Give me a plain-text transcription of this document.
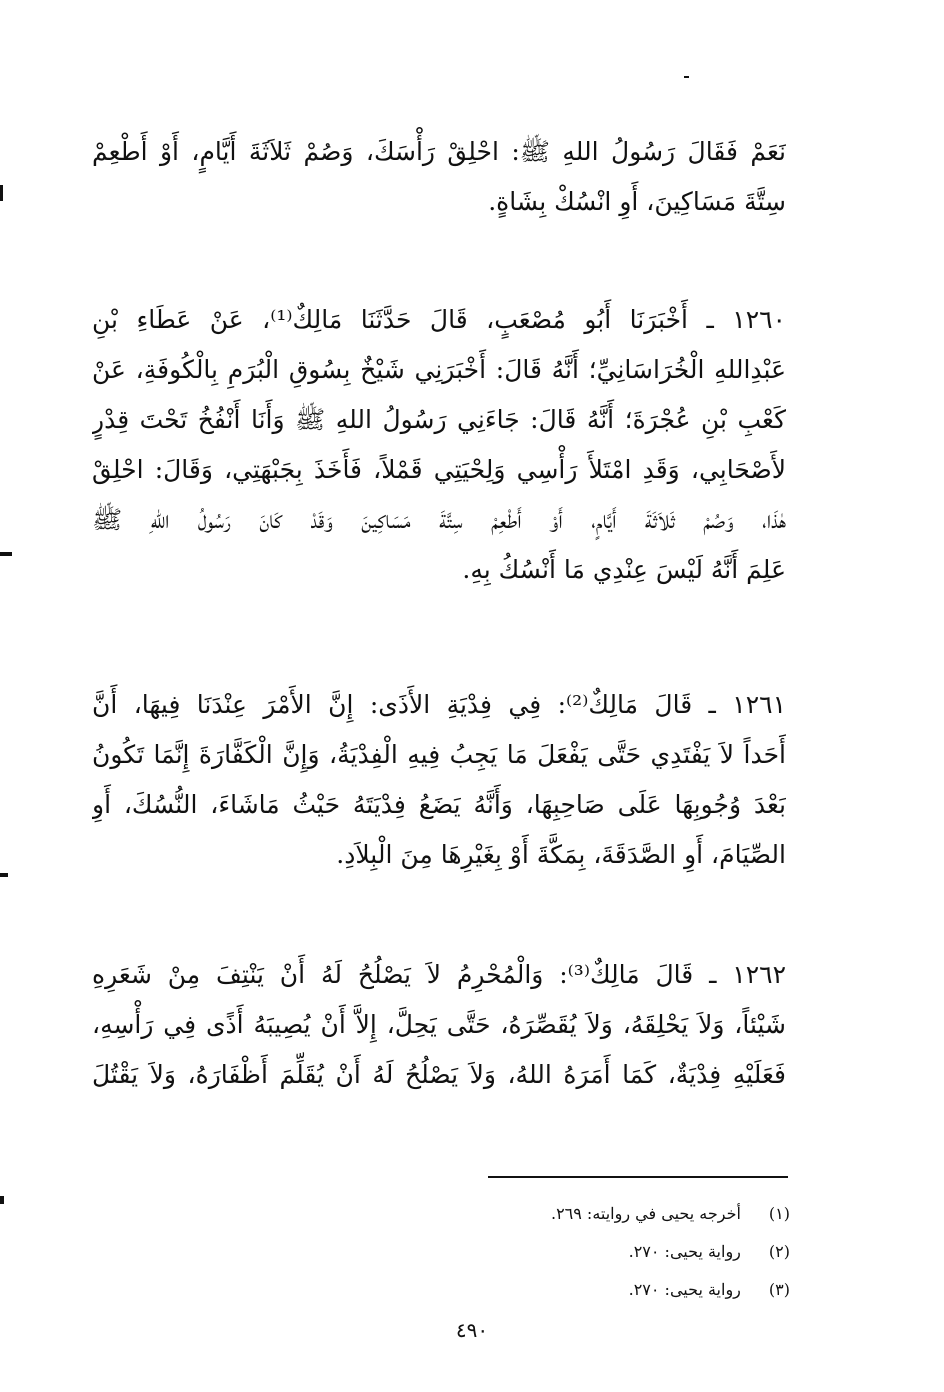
نَعَمْ فَقَالَ رَسُولُ اللهِ ﷺ: احْلِقْ رَأْسَكَ، وَصُمْ ثَلاَثَةَ أَيَّامٍ، أَوْ أَطْعِمْ
سِتَّةَ مَسَاكِينَ، أَوِ انْسُكْ بِشَاةٍ.
١٢٦٠ ـ أَخْبَرَنَا أَبُو مُصْعَبٍ، قَالَ حَدَّثَنَا مَالِكٌ⁽¹⁾، عَنْ عَطَاءِ بْنِ
عَبْدِاللهِ الْخُرَاسَانِيِّ؛ أَنَّهُ قَالَ: أَخْبَرَنِي شَيْخٌ بِسُوقِ الْبُرَمِ بِالْكُوفَةِ، عَنْ
كَعْبِ بْنِ عُجْرَةَ؛ أَنَّهُ قَالَ: جَاءَنِي رَسُولُ اللهِ ﷺ وَأَنَا أَنْفُخُ تَحْتَ قِدْرٍ
لأَصْحَابِي، وَقَدِ امْتَلأَ رَأْسِي وَلِحْيَتِي قَمْلاً، فَأَخَذَ بِجَبْهَتِي، وَقَالَ: احْلِقْ
هٰذَا، وَصُمْ ثَلاَثَةَ أَيَّامٍ، أَوْ أَطْعِمْ سِتَّةَ مَسَاكِينَ وَقَدْ كَانَ رَسُولُ اللهِ ﷺ
عَلِمَ أَنَّهُ لَيْسَ عِنْدِي مَا أَنْسُكُ بِهِ.
١٢٦١ ـ قَالَ مَالِكٌ⁽²⁾: فِي فِدْيَةِ الأَذَى: إِنَّ الأَمْرَ عِنْدَنَا فِيهَا، أَنَّ
أَحَداً لاَ يَفْتَدِي حَتَّى يَفْعَلَ مَا يَجِبُ فِيهِ الْفِدْيَةُ، وَإِنَّ الْكَفَّارَةَ إِنَّمَا تَكُونُ
بَعْدَ وُجُوبِهَا عَلَى صَاحِبِهَا، وَأَنَّهُ يَضَعُ فِدْيَتَهُ حَيْثُ مَاشَاءَ، النُّسُكَ، أَوِ
الصِّيَامَ، أَوِ الصَّدَقَةَ، بِمَكَّةَ أَوْ بِغَيْرِهَا مِنَ الْبِلاَدِ.
١٢٦٢ ـ قَالَ مَالِكٌ⁽³⁾: وَالْمُحْرِمُ لاَ يَصْلُحُ لَهُ أَنْ يَنْتِفَ مِنْ شَعَرِهِ
شَيْئاً، وَلاَ يَحْلِقَهُ، وَلاَ يُقَصِّرَهُ، حَتَّى يَحِلَّ، إِلاَّ أَنْ يُصِيبَهُ أَذًى فِي رَأْسِهِ،
فَعَلَيْهِ فِدْيَةٌ، كَمَا أَمَرَهُ اللهُ، وَلاَ يَصْلُحُ لَهُ أَنْ يُقَلِّمَ أَظْفَارَهُ، وَلاَ يَقْتُلَ
(١) أخرجه يحيى في روايته: ٢٦٩.
(٢) رواية يحيى: ٢٧٠.
(٣) رواية يحيى: ٢٧٠.
٤٩٠
